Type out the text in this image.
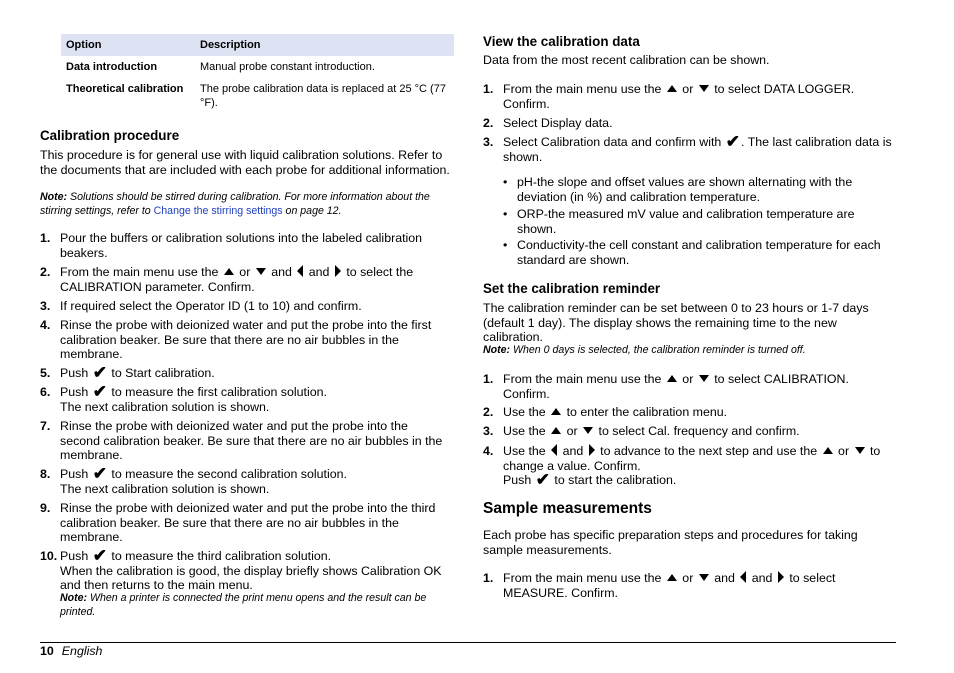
Option	Description
Data introduction	Manual probe constant introduction.
Theoretical calibration	The probe calibration data is replaced at 25 °C (77 °F).
Calibration procedure

This procedure is for general use with liquid calibration solutions. Refer to the documents that are included with each probe for additional information.

Note: Solutions should be stirred during calibration. For more information about the stirring settings, refer to Change the stirring settings on page 12.

1. Pour the buffers or calibration solutions into the labeled calibration beakers.
2. From the main menu use the  or  and  and  to select the CALIBRATION parameter. Confirm.
3. If required select the Operator ID (1 to 10) and confirm.
4. Rinse the probe with deionized water and put the probe into the first calibration beaker. Be sure that there are no air bubbles in the membrane.
5. Push ✔ to Start calibration.
6. Push ✔ to measure the first calibration solution.
The next calibration solution is shown.
7. Rinse the probe with deionized water and put the probe into the second calibration beaker. Be sure that there are no air bubbles in the membrane.
8. Push ✔ to measure the second calibration solution.
The next calibration solution is shown.
9. Rinse the probe with deionized water and put the probe into the third calibration beaker. Be sure that there are no air bubbles in the membrane.
10. Push ✔ to measure the third calibration solution.
When the calibration is good, the display briefly shows Calibration OK and then returns to the main menu.

Note: When a printer is connected the print menu opens and the result can be printed.

View the calibration data

Data from the most recent calibration can be shown.

1. From the main menu use the  or  to select DATA LOGGER. Confirm.
2. Select Display data.
3. Select Calibration data and confirm with ✔. The last calibration data is shown.
• pH-the slope and offset values are shown alternating with the deviation (in %) and calibration temperature.
• ORP-the measured mV value and calibration temperature are shown.
• Conductivity-the cell constant and calibration temperature for each standard are shown.
Set the calibration reminder

The calibration reminder can be set between 0 to 23 hours or 1-7 days (default 1 day). The display shows the remaining time to the new calibration.

Note: When 0 days is selected, the calibration reminder is turned off.

1. From the main menu use the  or  to select CALIBRATION. Confirm.
2. Use the  to enter the calibration menu.
3. Use the  or  to select Cal. frequency and confirm.
4. Use the  and  to advance to the next step and use the  or  to change a value. Confirm.
Push ✔ to start the calibration.
Sample measurements

Each probe has specific preparation steps and procedures for taking sample measurements.

1. From the main menu use the  or  and  and  to select MEASURE. Confirm.
10 English
